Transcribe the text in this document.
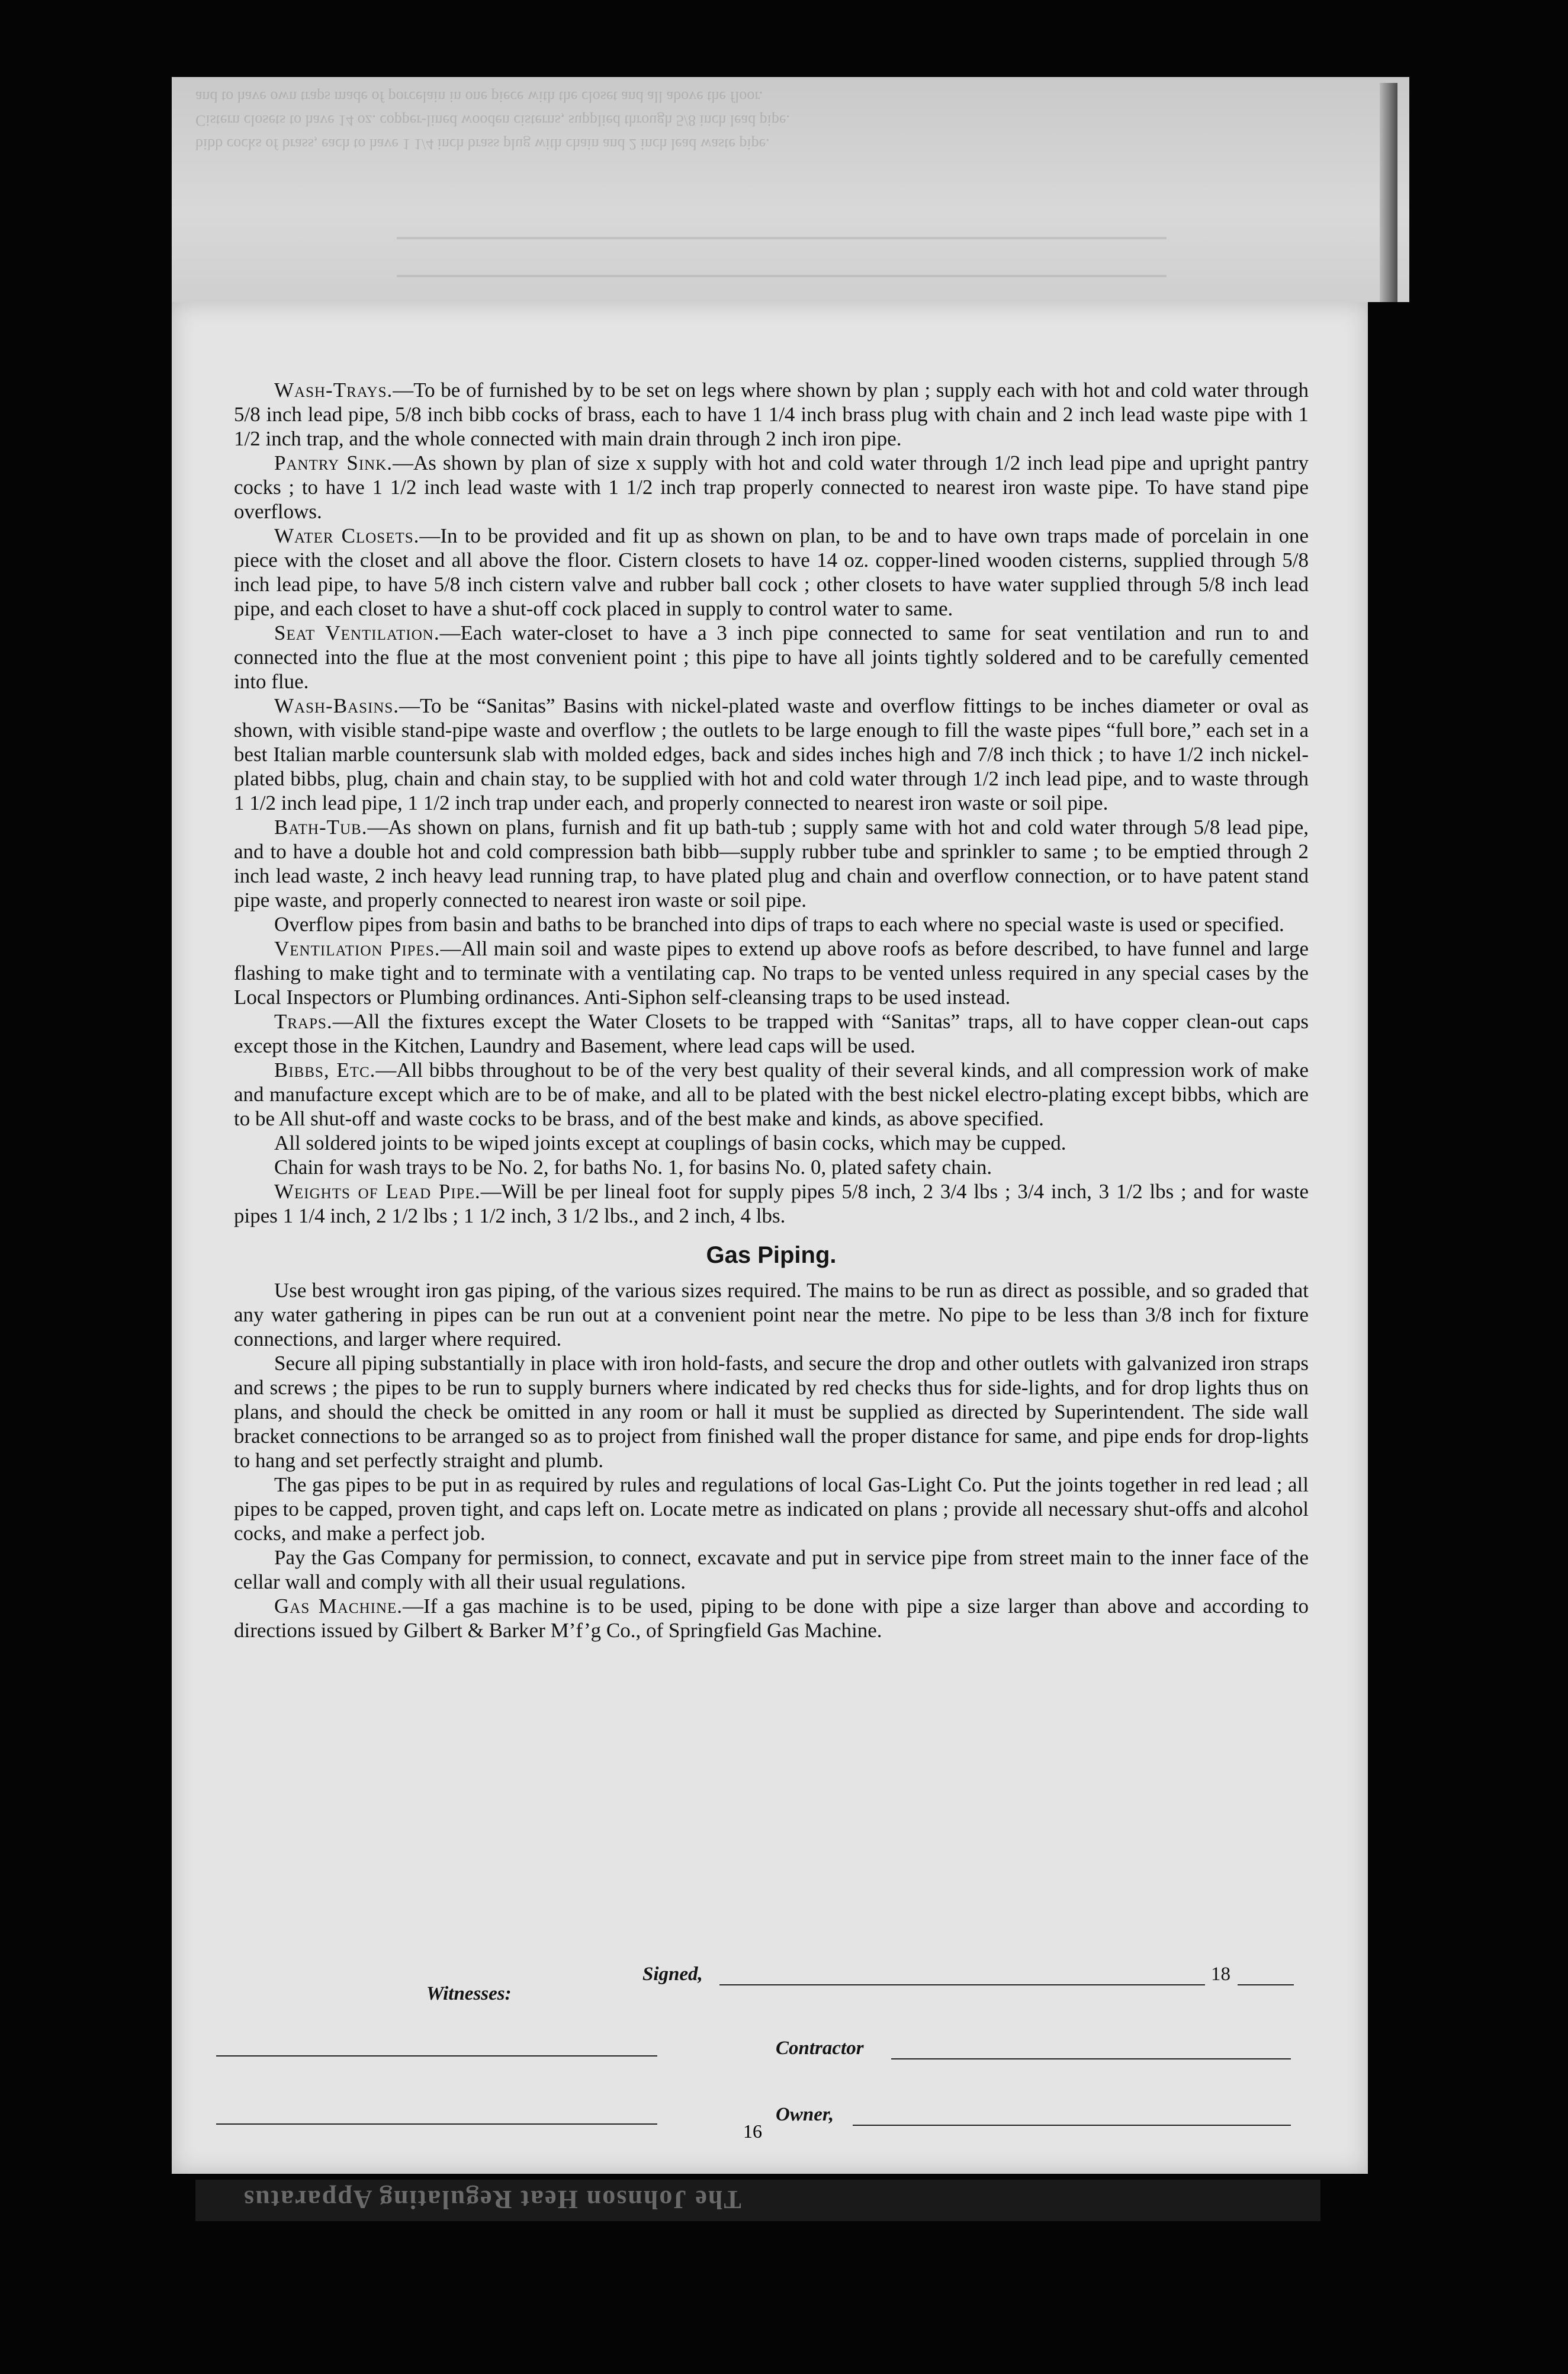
and to have own traps made of porcelain in one piece with the closet and all above the floor.
Cistern closets to have 14 oz. copper-lined wooden cisterns, supplied through 5/8 inch lead pipe.
bibb cocks of brass, each to have 1 1/4 inch brass plug with chain and 2 inch lead waste pipe.

Wash-Trays.—To be of furnished by to be set on legs where shown by plan ; supply each with hot and cold water through 5/8 inch lead pipe, 5/8 inch bibb cocks of brass, each to have 1 1/4 inch brass plug with chain and 2 inch lead waste pipe with 1 1/2 inch trap, and the whole connected with main drain through 2 inch iron pipe.

Pantry Sink.—As shown by plan of size x supply with hot and cold water through 1/2 inch lead pipe and upright pantry cocks ; to have 1 1/2 inch lead waste with 1 1/2 inch trap properly connected to nearest iron waste pipe. To have stand pipe overflows.

Water Closets.—In to be provided and fit up as shown on plan, to be and to have own traps made of porcelain in one piece with the closet and all above the floor. Cistern closets to have 14 oz. copper-lined wooden cisterns, supplied through 5/8 inch lead pipe, to have 5/8 inch cistern valve and rubber ball cock ; other closets to have water supplied through 5/8 inch lead pipe, and each closet to have a shut-off cock placed in supply to control water to same.

Seat Ventilation.—Each water-closet to have a 3 inch pipe connected to same for seat ventilation and run to and connected into the flue at the most convenient point ; this pipe to have all joints tightly soldered and to be carefully cemented into flue.

Wash-Basins.—To be “Sanitas” Basins with nickel-plated waste and overflow fittings to be inches diameter or oval as shown, with visible stand-pipe waste and overflow ; the outlets to be large enough to fill the waste pipes “full bore,” each set in a best Italian marble countersunk slab with molded edges, back and sides inches high and 7/8 inch thick ; to have 1/2 inch nickel-plated bibbs, plug, chain and chain stay, to be supplied with hot and cold water through 1/2 inch lead pipe, and to waste through 1 1/2 inch lead pipe, 1 1/2 inch trap under each, and properly connected to nearest iron waste or soil pipe.

Bath-Tub.—As shown on plans, furnish and fit up bath-tub ; supply same with hot and cold water through 5/8 lead pipe, and to have a double hot and cold compression bath bibb—supply rubber tube and sprinkler to same ; to be emptied through 2 inch lead waste, 2 inch heavy lead running trap, to have plated plug and chain and overflow connection, or to have patent stand pipe waste, and properly connected to nearest iron waste or soil pipe.

Overflow pipes from basin and baths to be branched into dips of traps to each where no special waste is used or specified.

Ventilation Pipes.—All main soil and waste pipes to extend up above roofs as before described, to have funnel and large flashing to make tight and to terminate with a ventilating cap. No traps to be vented unless required in any special cases by the Local Inspectors or Plumbing ordinances. Anti-Siphon self-cleansing traps to be used instead.

Traps.—All the fixtures except the Water Closets to be trapped with “Sanitas” traps, all to have copper clean-out caps except those in the Kitchen, Laundry and Basement, where lead caps will be used.

Bibbs, Etc.—All bibbs throughout to be of the very best quality of their several kinds, and all compression work of make and manufacture except which are to be of make, and all to be plated with the best nickel electro-plating except bibbs, which are to be All shut-off and waste cocks to be brass, and of the best make and kinds, as above specified.

All soldered joints to be wiped joints except at couplings of basin cocks, which may be cupped.

Chain for wash trays to be No. 2, for baths No. 1, for basins No. 0, plated safety chain.

Weights of Lead Pipe.—Will be per lineal foot for supply pipes 5/8 inch, 2 3/4 lbs ; 3/4 inch, 3 1/2 lbs ; and for waste pipes 1 1/4 inch, 2 1/2 lbs ; 1 1/2 inch, 3 1/2 lbs., and 2 inch, 4 lbs.

Gas Piping.

Use best wrought iron gas piping, of the various sizes required. The mains to be run as direct as possible, and so graded that any water gathering in pipes can be run out at a convenient point near the metre. No pipe to be less than 3/8 inch for fixture connections, and larger where required.

Secure all piping substantially in place with iron hold-fasts, and secure the drop and other outlets with galvanized iron straps and screws ; the pipes to be run to supply burners where indicated by red checks thus for side-lights, and for drop lights thus on plans, and should the check be omitted in any room or hall it must be supplied as directed by Superintendent. The side wall bracket connections to be arranged so as to project from finished wall the proper distance for same, and pipe ends for drop-lights to hang and set perfectly straight and plumb.

The gas pipes to be put in as required by rules and regulations of local Gas-Light Co. Put the joints together in red lead ; all pipes to be capped, proven tight, and caps left on. Locate metre as indicated on plans ; provide all necessary shut-offs and alcohol cocks, and make a perfect job.

Pay the Gas Company for permission, to connect, excavate and put in service pipe from street main to the inner face of the cellar wall and comply with all their usual regulations.

Gas Machine.—If a gas machine is to be used, piping to be done with pipe a size larger than above and according to directions issued by Gilbert & Barker M’f’g Co., of Springfield Gas Machine.

Signed,	18
Witnesses:
Contractor
Owner,
16
The Johnson Heat Regulating Apparatus
